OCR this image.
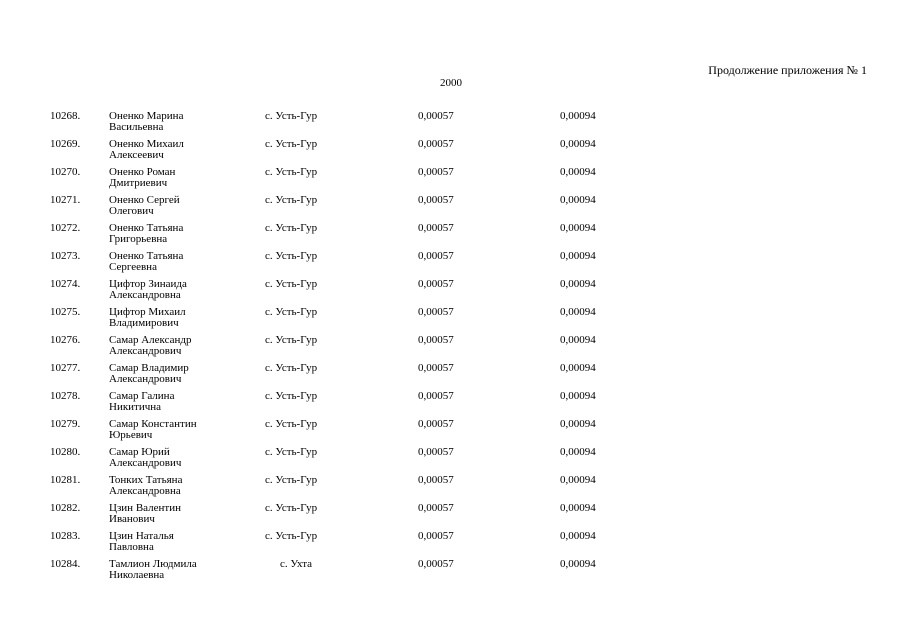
Продолжение приложения № 1
2000
10268.	Оненко Марина
Васильевна
с. Усть-Гур	0,00057	0,00094
10269.	Оненко Михаил
Алексеевич
с. Усть-Гур	0,00057	0,00094
10270.	Оненко Роман
Дмитриевич
с. Усть-Гур	0,00057	0,00094
10271.	Оненко Сергей
Олегович
с. Усть-Гур	0,00057	0,00094
10272.	Оненко Татьяна
Григорьевна
с. Усть-Гур	0,00057	0,00094
10273.	Оненко Татьяна
Сергеевна
с. Усть-Гур	0,00057	0,00094
10274.	Цифтор Зинаида
Александровна
с. Усть-Гур	0,00057	0,00094
10275.	Цифтор Михаил
Владимирович
с. Усть-Гур	0,00057	0,00094
10276.	Самар Александр
Александрович
с. Усть-Гур	0,00057	0,00094
10277.	Самар Владимир
Александрович
с. Усть-Гур	0,00057	0,00094
10278.	Самар Галина
Никитична
с. Усть-Гур	0,00057	0,00094
10279.	Самар Константин
Юрьевич
с. Усть-Гур	0,00057	0,00094
10280.	Самар Юрий
Александрович
с. Усть-Гур	0,00057	0,00094
10281.	Тонких Татьяна
Александровна
с. Усть-Гур	0,00057	0,00094
10282.	Цзин Валентин
Иванович
с. Усть-Гур	0,00057	0,00094
10283.	Цзин Наталья
Павловна
с. Усть-Гур	0,00057	0,00094
10284.	Тамлион Людмила
Николаевна
с. Ухта	0,00057	0,00094
